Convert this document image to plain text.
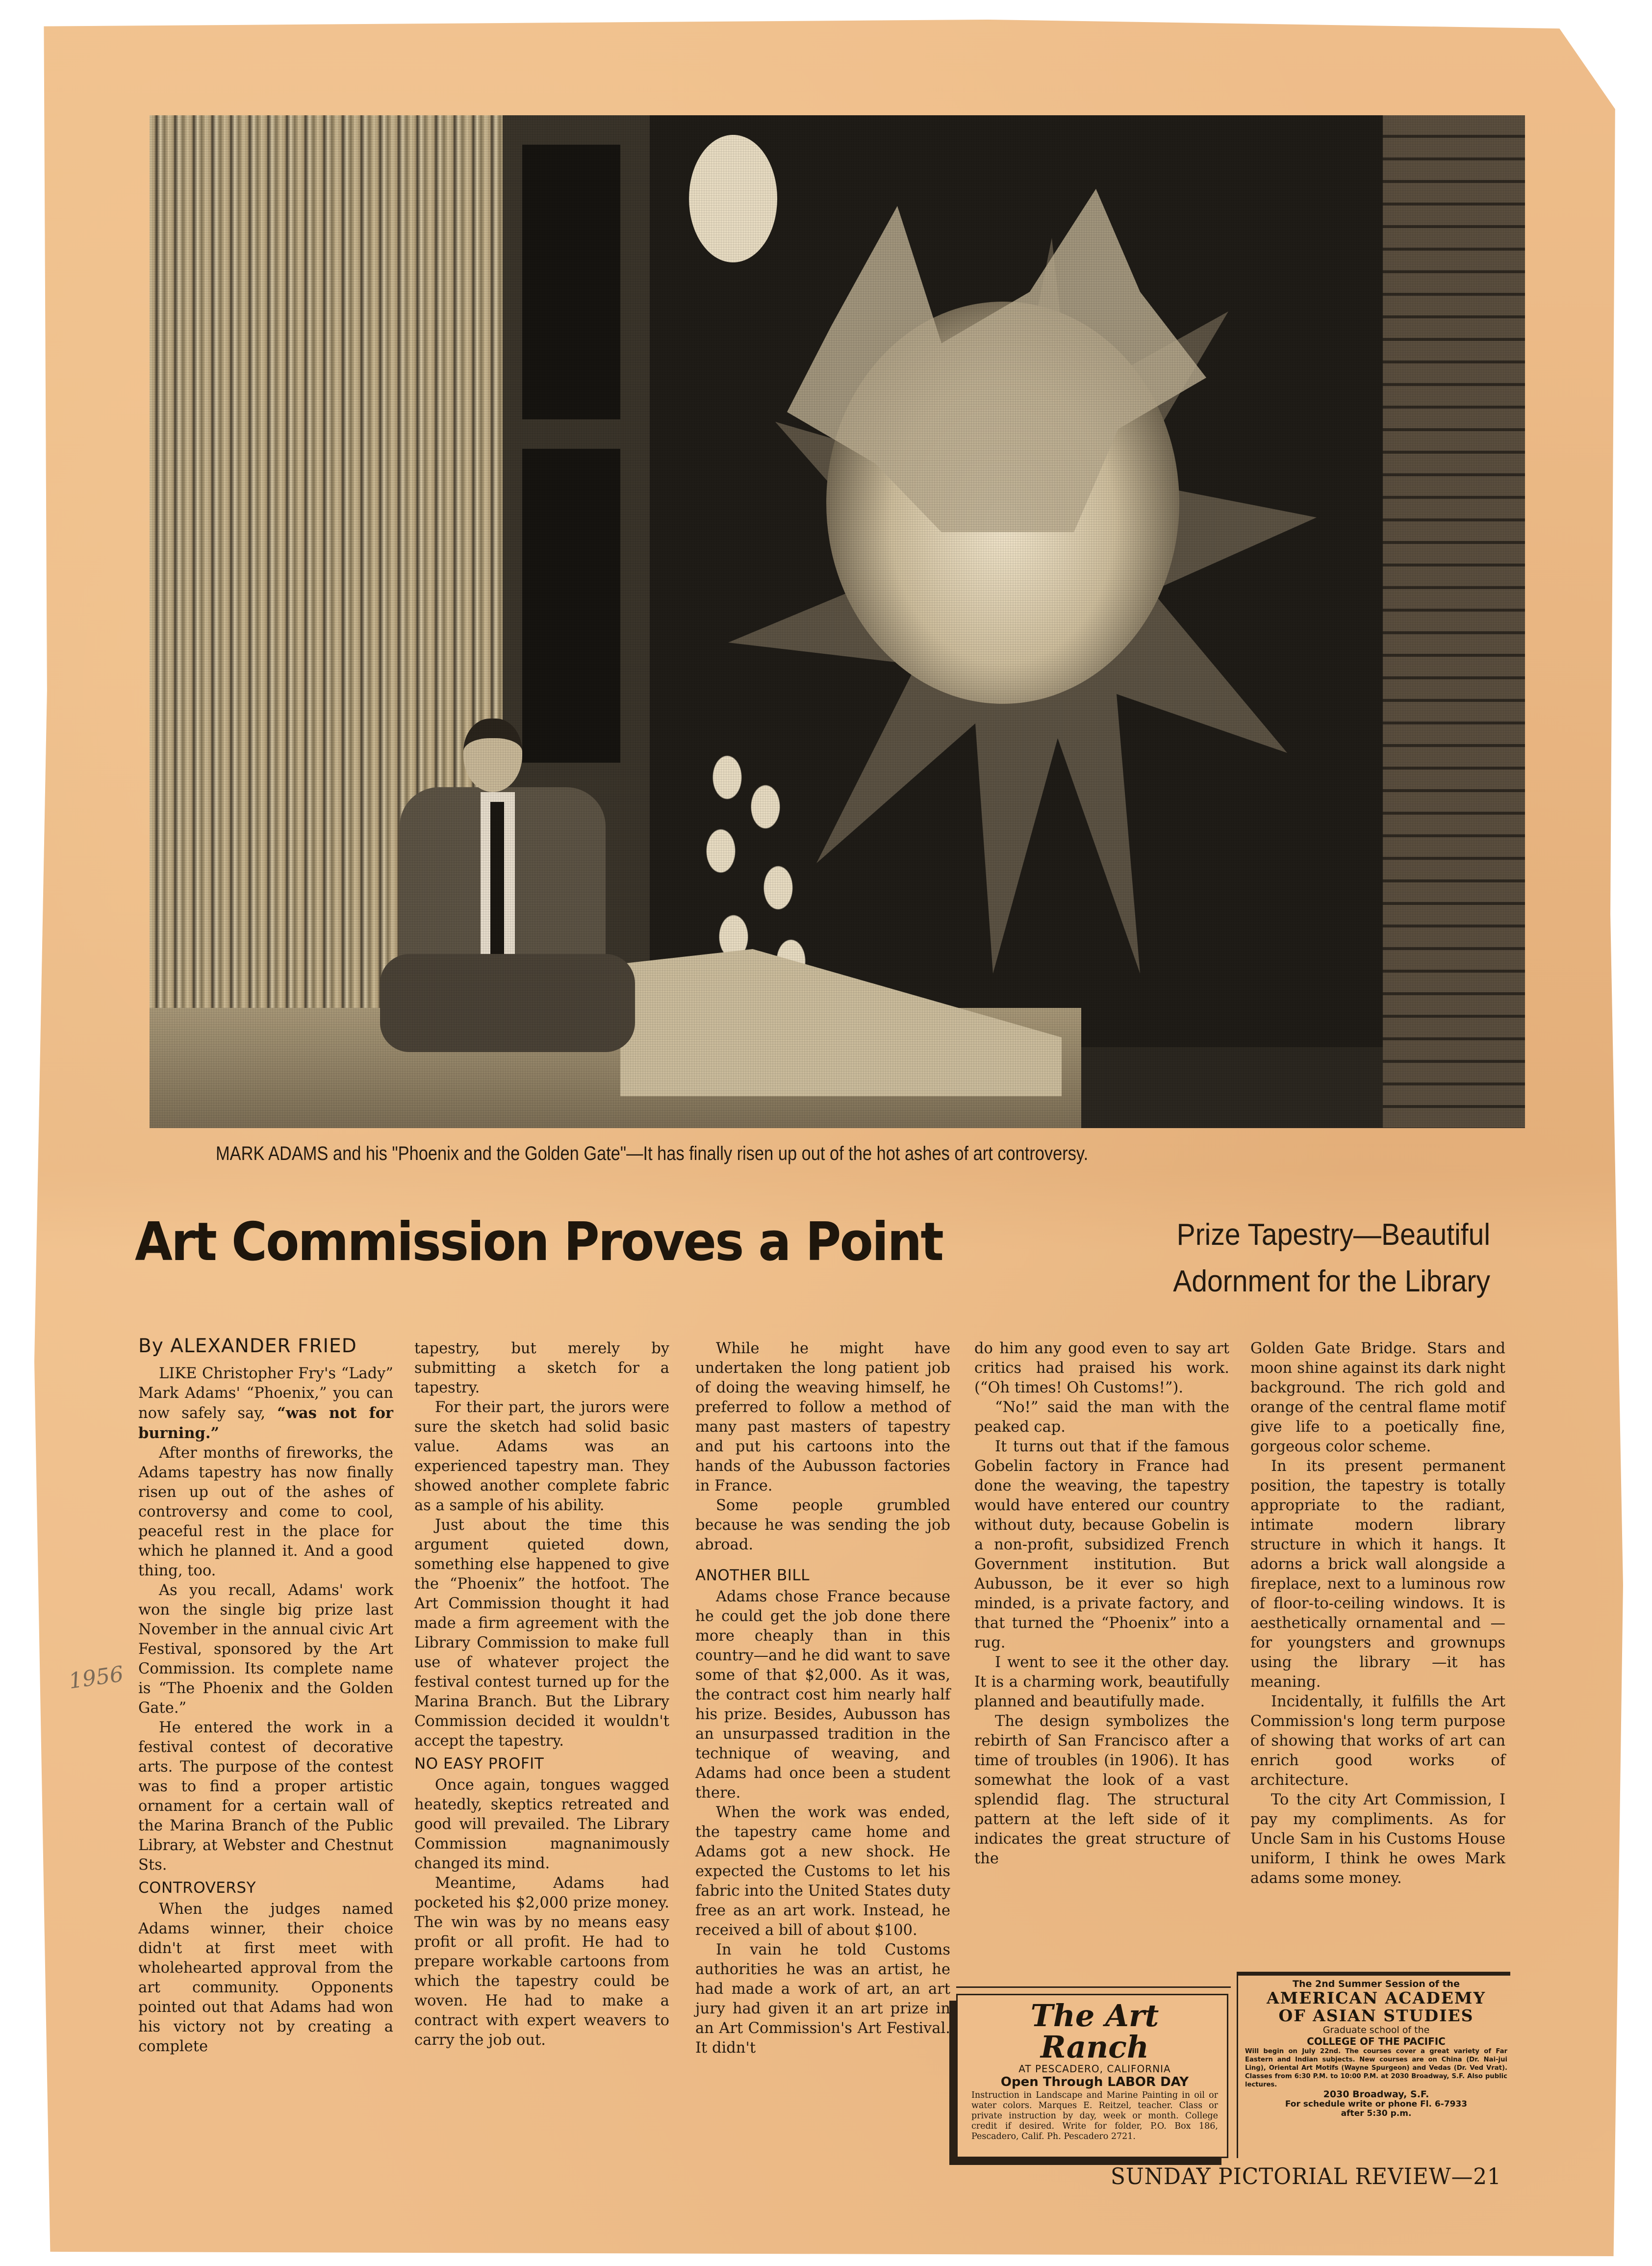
MARK ADAMS and his "Phoenix and the Golden Gate"—It has finally risen up out of the hot ashes of art controversy.
Art Commission Proves a Point	Prize Tapestry—Beautiful
Adornment for the Library
1956
By ALEXANDER FRIED

LIKE Christopher Fry's “Lady” Mark Adams' “Phoenix,” you can now safely say, “was not for burning.”

After months of fireworks, the Adams tapestry has now finally risen up out of the ashes of controversy and come to cool, peaceful rest in the place for which he planned it. And a good thing, too.

As you recall, Adams' work won the single big prize last November in the annual civic Art Festival, sponsored by the Art Commission. Its complete name is “The Phoenix and the Golden Gate.”

He entered the work in a festival contest of decorative arts. The purpose of the contest was to find a proper artistic ornament for a certain wall of the Marina Branch of the Public Library, at Webster and Chestnut Sts.

CONTROVERSY

When the judges named Adams winner, their choice didn't at first meet with wholehearted approval from the art community. Opponents pointed out that Adams had won his victory not by creating a complete

tapestry, but merely by submitting a sketch for a tapestry.

For their part, the jurors were sure the sketch had solid basic value. Adams was an experienced tapestry man. They showed another complete fabric as a sample of his ability.

Just about the time this argument quieted down, something else happened to give the “Phoenix” the hotfoot. The Art Commission thought it had made a firm agreement with the Library Commission to make full use of whatever project the festival contest turned up for the Marina Branch. But the Library Commission decided it wouldn't accept the tapestry.

NO EASY PROFIT

Once again, tongues wagged heatedly, skeptics retreated and good will prevailed. The Library Commission magnanimously changed its mind.

Meantime, Adams had pocketed his $2,000 prize money. The win was by no means easy profit or all profit. He had to prepare workable cartoons from which the tapestry could be woven. He had to make a contract with expert weavers to carry the job out.

While he might have undertaken the long patient job of doing the weaving himself, he preferred to follow a method of many past masters of tapestry and put his cartoons into the hands of the Aubusson factories in France.

Some people grumbled because he was sending the job abroad.

ANOTHER BILL

Adams chose France because he could get the job done there more cheaply than in this country—and he did want to save some of that $2,000. As it was, the contract cost him nearly half his prize. Besides, Aubusson has an unsurpassed tradition in the technique of weaving, and Adams had once been a student there.

When the work was ended, the tapestry came home and Adams got a new shock. He expected the Customs to let his fabric into the United States duty free as an art work. Instead, he received a bill of about $100.

In vain he told Customs authorities he was an artist, he had made a work of art, an art jury had given it an art prize in an Art Commission's Art Festival. It didn't

do him any good even to say art critics had praised his work. (“Oh times! Oh Customs!”).

“No!” said the man with the peaked cap.

It turns out that if the famous Gobelin factory in France had done the weaving, the tapestry would have entered our country without duty, because Gobelin is a non-profit, subsidized French Government institution. But Aubusson, be it ever so high minded, is a private factory, and that turned the “Phoenix” into a rug.

I went to see it the other day. It is a charming work, beautifully planned and beautifully made.

The design symbolizes the rebirth of San Francisco after a time of troubles (in 1906). It has somewhat the look of a vast splendid flag. The structural pattern at the left side of it indicates the great structure of the

Golden Gate Bridge. Stars and moon shine against its dark night background. The rich gold and orange of the central flame motif give life to a poetically fine, gorgeous color scheme.

In its present permanent position, the tapestry is totally appropriate to the radiant, intimate modern library structure in which it hangs. It adorns a brick wall alongside a fireplace, next to a luminous row of floor-to-ceiling windows. It is aesthetically ornamental and — for youngsters and grownups using the library —it has meaning.

Incidentally, it fulfills the Art Commission's long term purpose of showing that works of art can enrich good works of architecture.

To the city Art Commission, I pay my compliments. As for Uncle Sam in his Customs House uniform, I think he owes Mark adams some money.

The Art Ranch
AT PESCADERO, CALIFORNIA
Open Through LABOR DAY
Instruction in Landscape and Marine Painting in oil or water colors. Marques E. Reitzel, teacher. Class or private instruction by day, week or month. College credit if desired. Write for folder, P.O. Box 186, Pescadero, Calif. Ph. Pescadero 2721.
The 2nd Summer Session of the
AMERICAN ACADEMY
OF ASIAN STUDIES
Graduate school of the
COLLEGE OF THE PACIFIC
Will begin on July 22nd. The courses cover a great variety of Far Eastern and Indian subjects. New courses are on China (Dr. Nai-jui Ling), Oriental Art Motifs (Wayne Spurgeon) and Vedas (Dr. Ved Vrat). Classes from 6:30 P.M. to 10:00 P.M. at 2030 Broadway, S.F. Also public lectures.
2030 Broadway, S.F.
For schedule write or phone Fl. 6-7933
after 5:30 p.m.
SUNDAY PICTORIAL REVIEW—21
